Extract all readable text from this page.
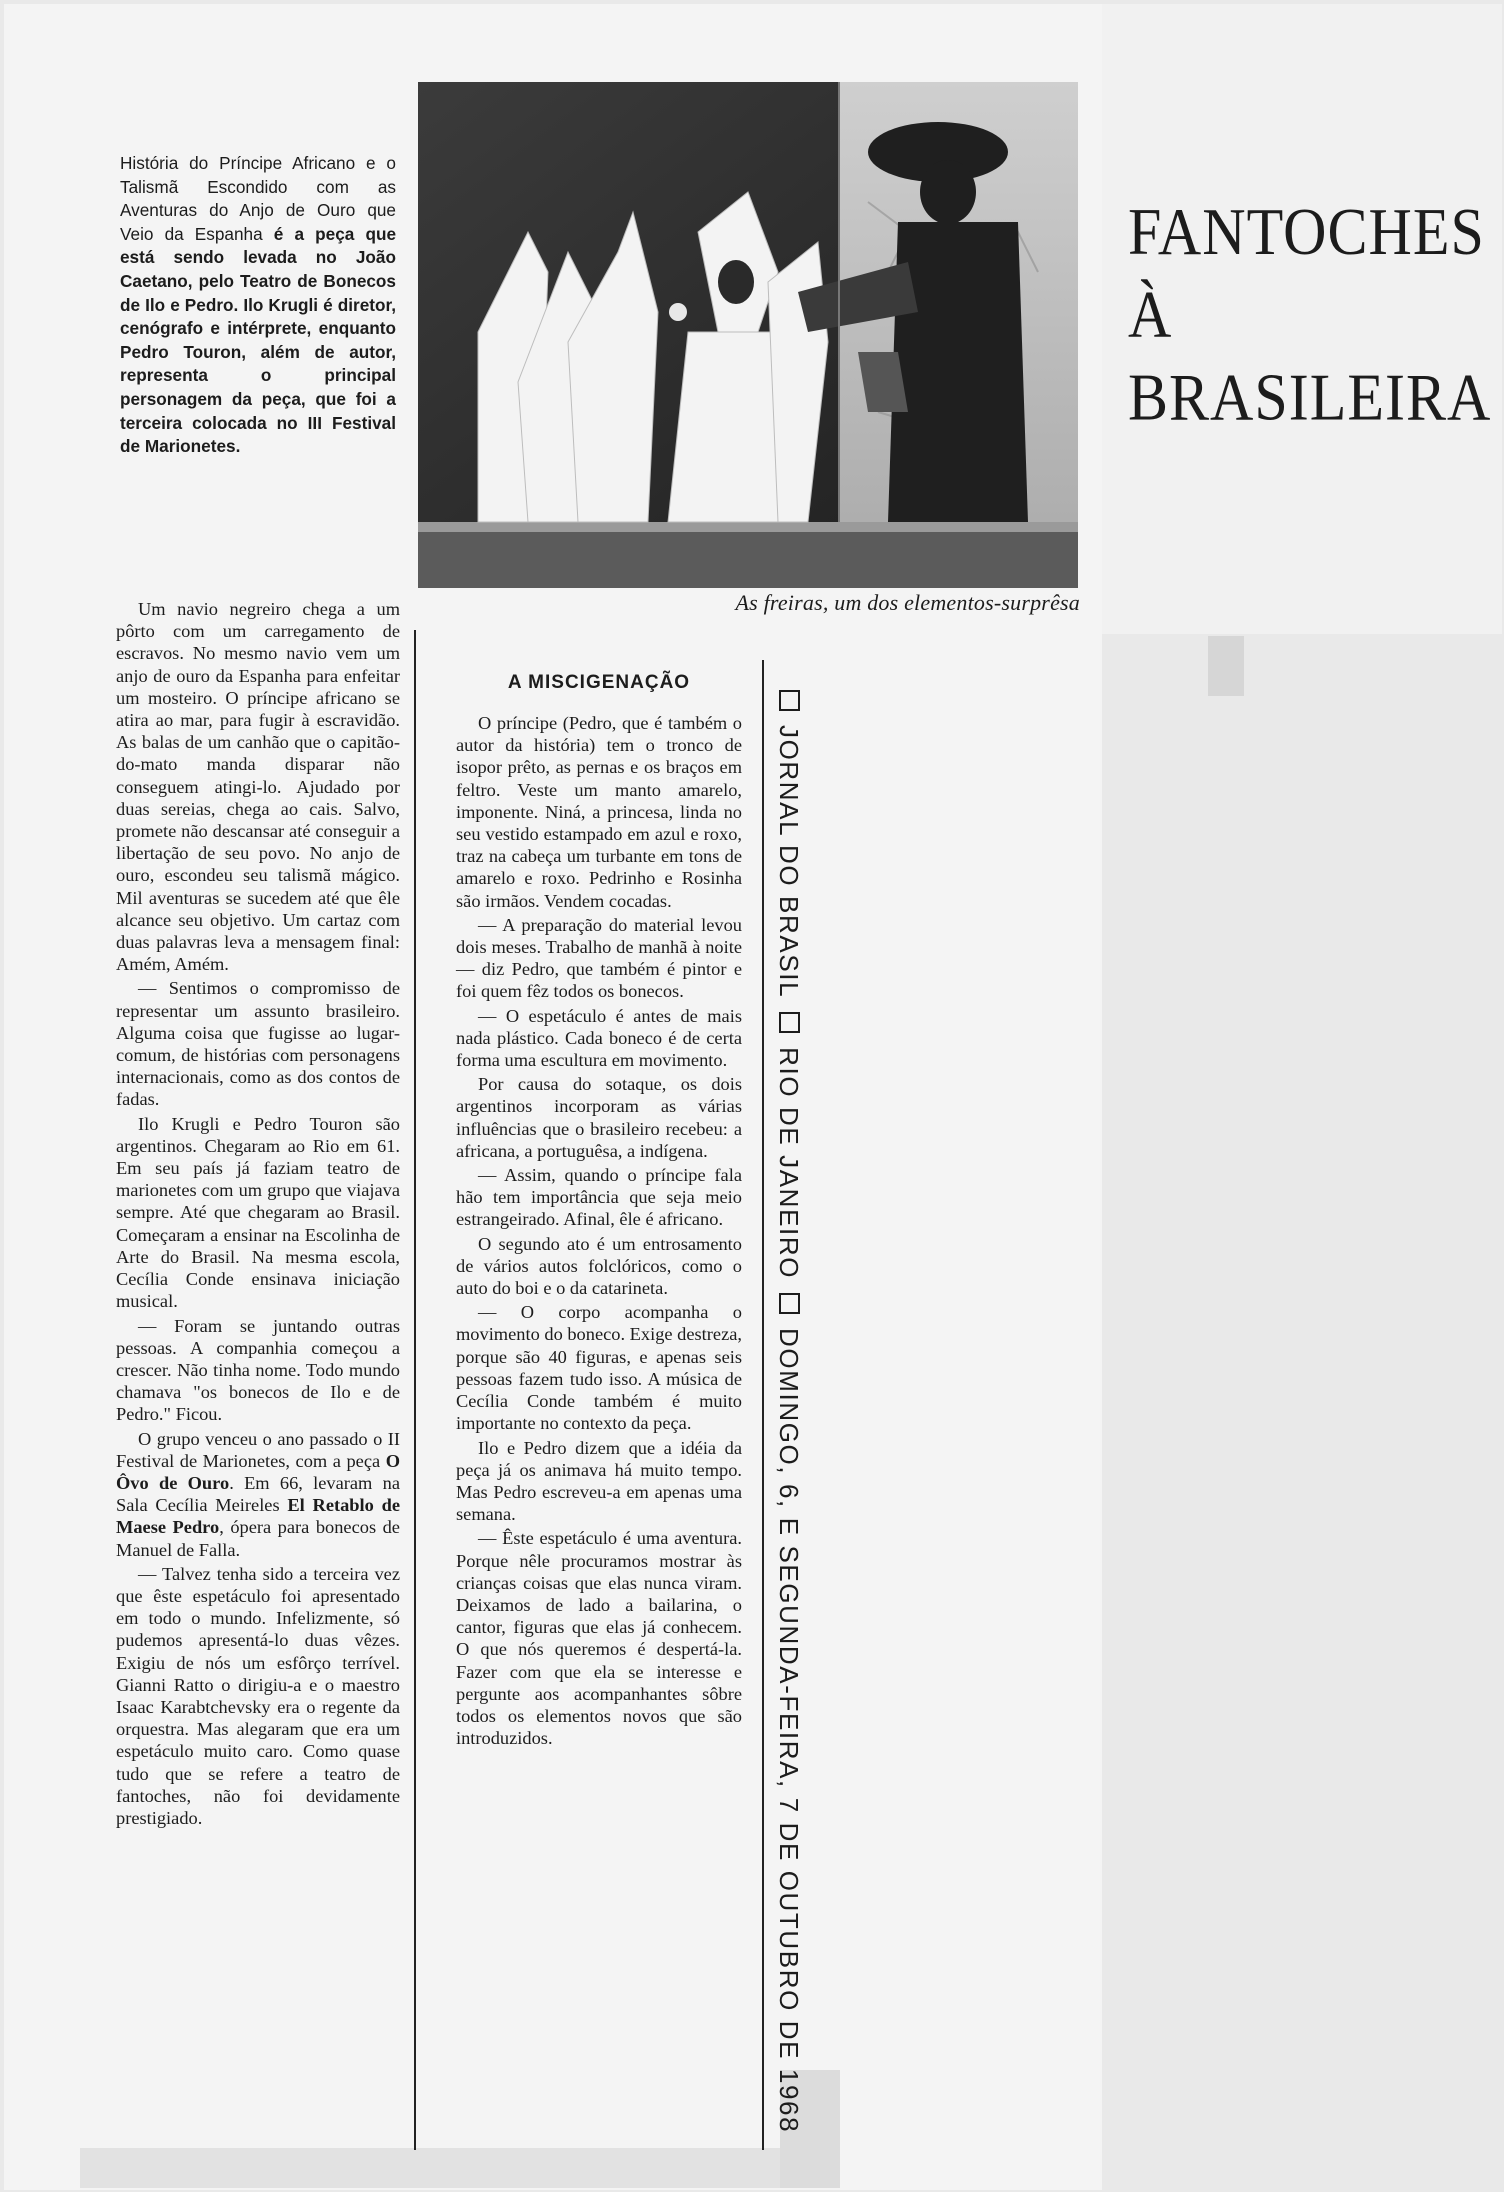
História do Príncipe Africano e o Talismã Escondido com as Aventuras do Anjo de Ouro que Veio da Espanha é a peça que está sendo levada no João Caetano, pelo Teatro de Bonecos de Ilo e Pedro. Ilo Krugli é diretor, cenógrafo e intérprete, enquanto Pedro Touron, além de autor, representa o principal personagem da peça, que foi a terceira colocada no III Festival de Marionetes.
As freiras, um dos elementos-surprêsa
FANTOCHES
À
BRASILEIRA

Um navio negreiro chega a um pôrto com um carregamento de escravos. No mesmo navio vem um anjo de ouro da Espanha para enfeitar um mosteiro. O príncipe africano se atira ao mar, para fugir à escravidão. As balas de um canhão que o capitão-do-mato manda disparar não conseguem atingi-lo. Ajudado por duas sereias, chega ao cais. Salvo, promete não descansar até conseguir a libertação de seu povo. No anjo de ouro, escondeu seu talismã mágico. Mil aventuras se sucedem até que êle alcance seu objetivo. Um cartaz com duas palavras leva a mensagem final: Amém, Amém.

— Sentimos o compromisso de representar um assunto brasileiro. Alguma coisa que fugisse ao lugar-comum, de histórias com personagens internacionais, como as dos contos de fadas.

Ilo Krugli e Pedro Touron são argentinos. Chegaram ao Rio em 61. Em seu país já faziam teatro de marionetes com um grupo que viajava sempre. Até que chegaram ao Brasil. Começaram a ensinar na Escolinha de Arte do Brasil. Na mesma escola, Cecília Conde ensinava iniciação musical.

— Foram se juntando outras pessoas. A companhia começou a crescer. Não tinha nome. Todo mundo chamava "os bonecos de Ilo e de Pedro." Ficou.

O grupo venceu o ano passado o II Festival de Marionetes, com a peça O Ôvo de Ouro. Em 66, levaram na Sala Cecília Meireles El Retablo de Maese Pedro, ópera para bonecos de Manuel de Falla.

— Talvez tenha sido a terceira vez que êste espetáculo foi apresentado em todo o mundo. Infelizmente, só pudemos apresentá-lo duas vêzes. Exigiu de nós um esfôrço terrível. Gianni Ratto o dirigiu-a e o maestro Isaac Karabtchevsky era o regente da orquestra. Mas alegaram que era um espetáculo muito caro. Como quase tudo que se refere a teatro de fantoches, não foi devidamente prestigiado.

A MISCIGENAÇÃO

O príncipe (Pedro, que é também o autor da história) tem o tronco de isopor prêto, as pernas e os braços em feltro. Veste um manto amarelo, imponente. Niná, a princesa, linda no seu vestido estampado em azul e roxo, traz na cabeça um turbante em tons de amarelo e roxo. Pedrinho e Rosinha são irmãos. Vendem cocadas.

— A preparação do material levou dois meses. Trabalho de manhã à noite — diz Pedro, que também é pintor e foi quem fêz todos os bonecos.

— O espetáculo é antes de mais nada plástico. Cada boneco é de certa forma uma escultura em movimento.

Por causa do sotaque, os dois argentinos incorporam as várias influências que o brasileiro recebeu: a africana, a portuguêsa, a indígena.

— Assim, quando o príncipe fala hão tem importância que seja meio estrangeirado. Afinal, êle é africano.

O segundo ato é um entrosamento de vários autos folclóricos, como o auto do boi e o da catarineta.

— O corpo acompanha o movimento do boneco. Exige destreza, porque são 40 figuras, e apenas seis pessoas fazem tudo isso. A música de Cecília Conde também é muito importante no contexto da peça.

Ilo e Pedro dizem que a idéia da peça já os animava há muito tempo. Mas Pedro escreveu-a em apenas uma semana.

— Êste espetáculo é uma aventura. Porque nêle procuramos mostrar às crianças coisas que elas nunca viram. Deixamos de lado a bailarina, o cantor, figuras que elas já conhecem. O que nós queremos é despertá-la. Fazer com que ela se interesse e pergunte aos acompanhantes sôbre todos os elementos novos que são introduzidos.

JORNAL DO BRASILRIO DE JANEIRODOMINGO, 6, E SEGUNDA-FEIRA, 7 DE OUTUBRO DE 1968
